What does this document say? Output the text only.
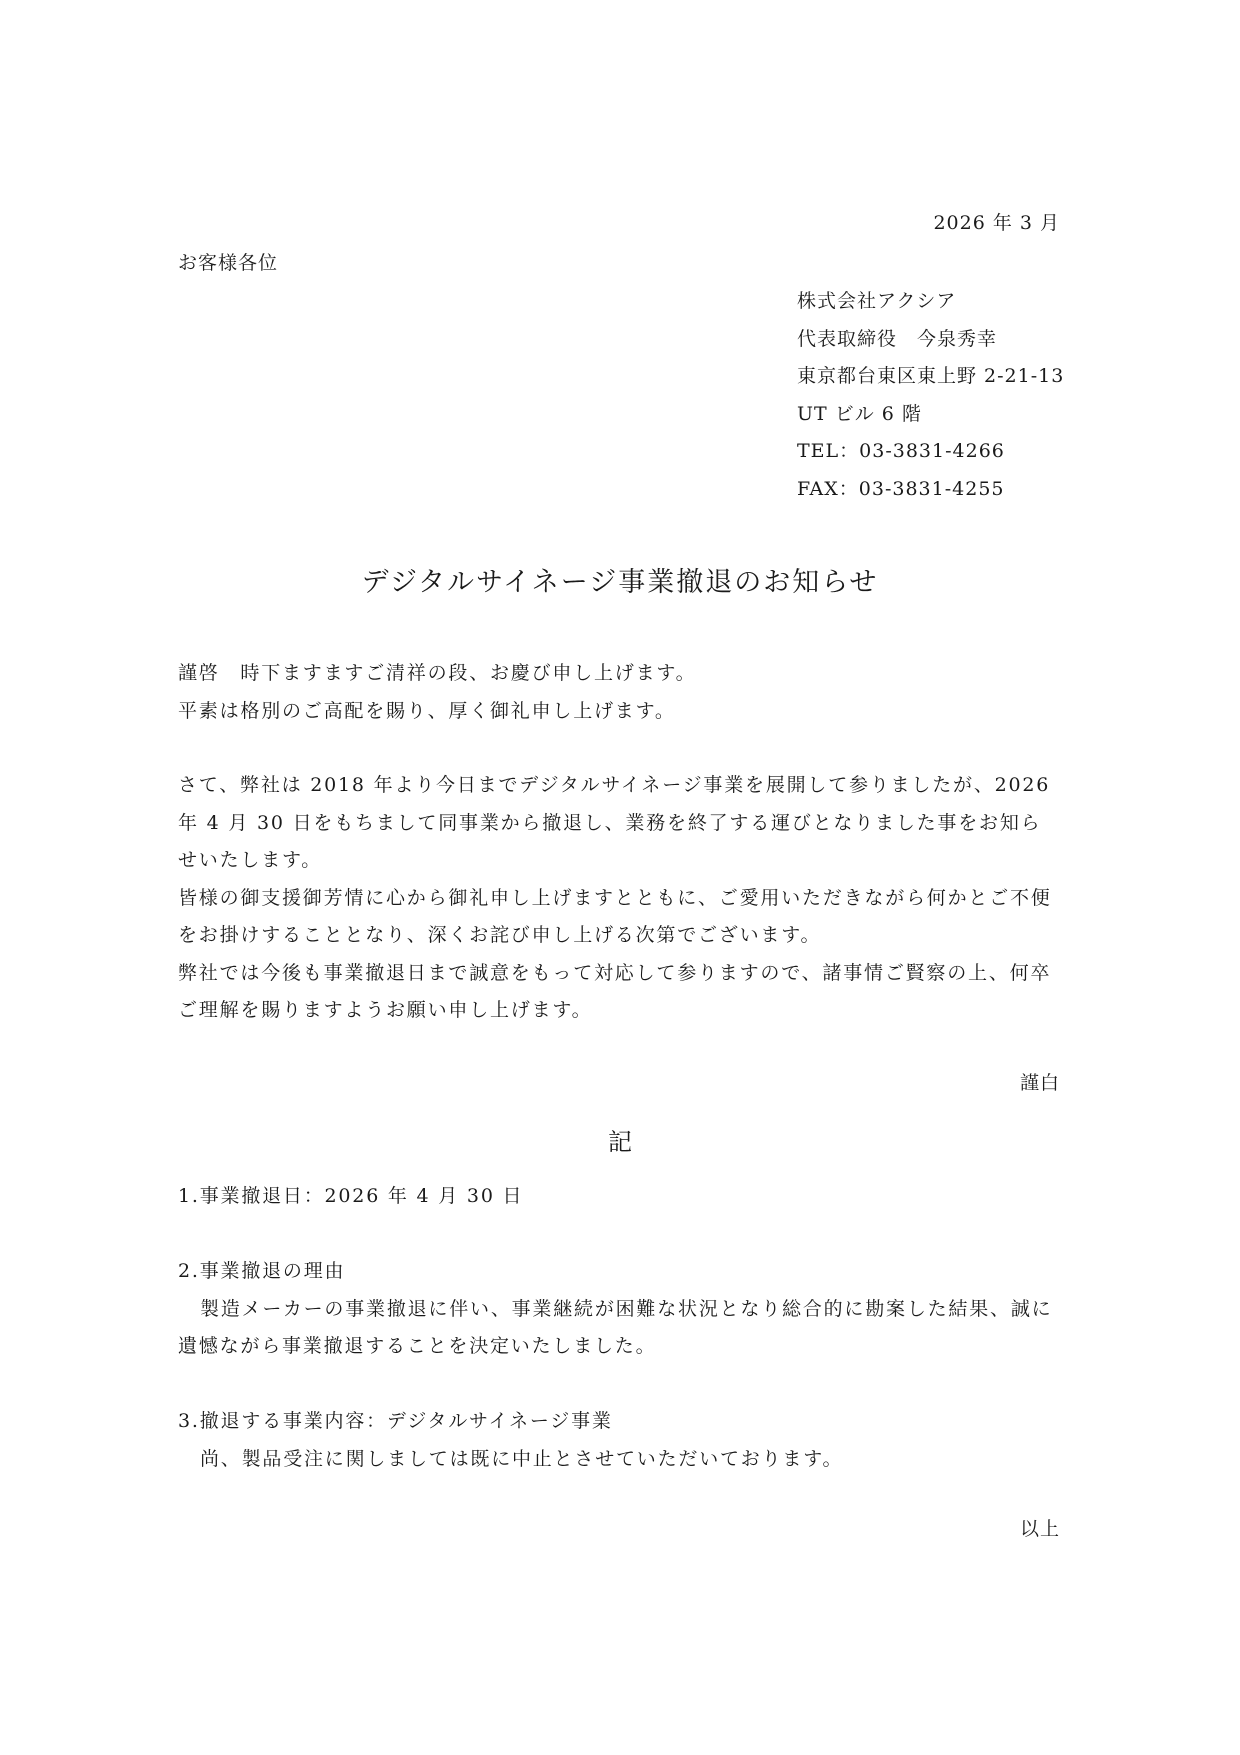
2026 年 3 月
お客様各位
株式会社アクシア
代表取締役　今泉秀幸
東京都台東区東上野 2-21-13
UT ビル 6 階
TEL：03-3831-4266
FAX：03-3831-4255
デジタルサイネージ事業撤退のお知らせ

謹啓　時下ますますご清祥の段、お慶び申し上げます。

平素は格別のご高配を賜り、厚く御礼申し上げます。

さて、弊社は 2018 年より今日までデジタルサイネージ事業を展開して参りましたが、2026 年 4 月 30 日をもちまして同事業から撤退し、業務を終了する運びとなりました事をお知らせいたします。

皆様の御支援御芳情に心から御礼申し上げますとともに、ご愛用いただきながら何かとご不便をお掛けすることとなり、深くお詫び申し上げる次第でございます。

弊社では今後も事業撤退日まで誠意をもって対応して参りますので、諸事情ご賢察の上、何卒ご理解を賜りますようお願い申し上げます。

謹白
記

1.事業撤退日：2026 年 4 月 30 日

2.事業撤退の理由

製造メーカーの事業撤退に伴い、事業継続が困難な状況となり総合的に勘案した結果、誠に遺憾ながら事業撤退することを決定いたしました。

3.撤退する事業内容：デジタルサイネージ事業

尚、製品受注に関しましては既に中止とさせていただいております。

以上
